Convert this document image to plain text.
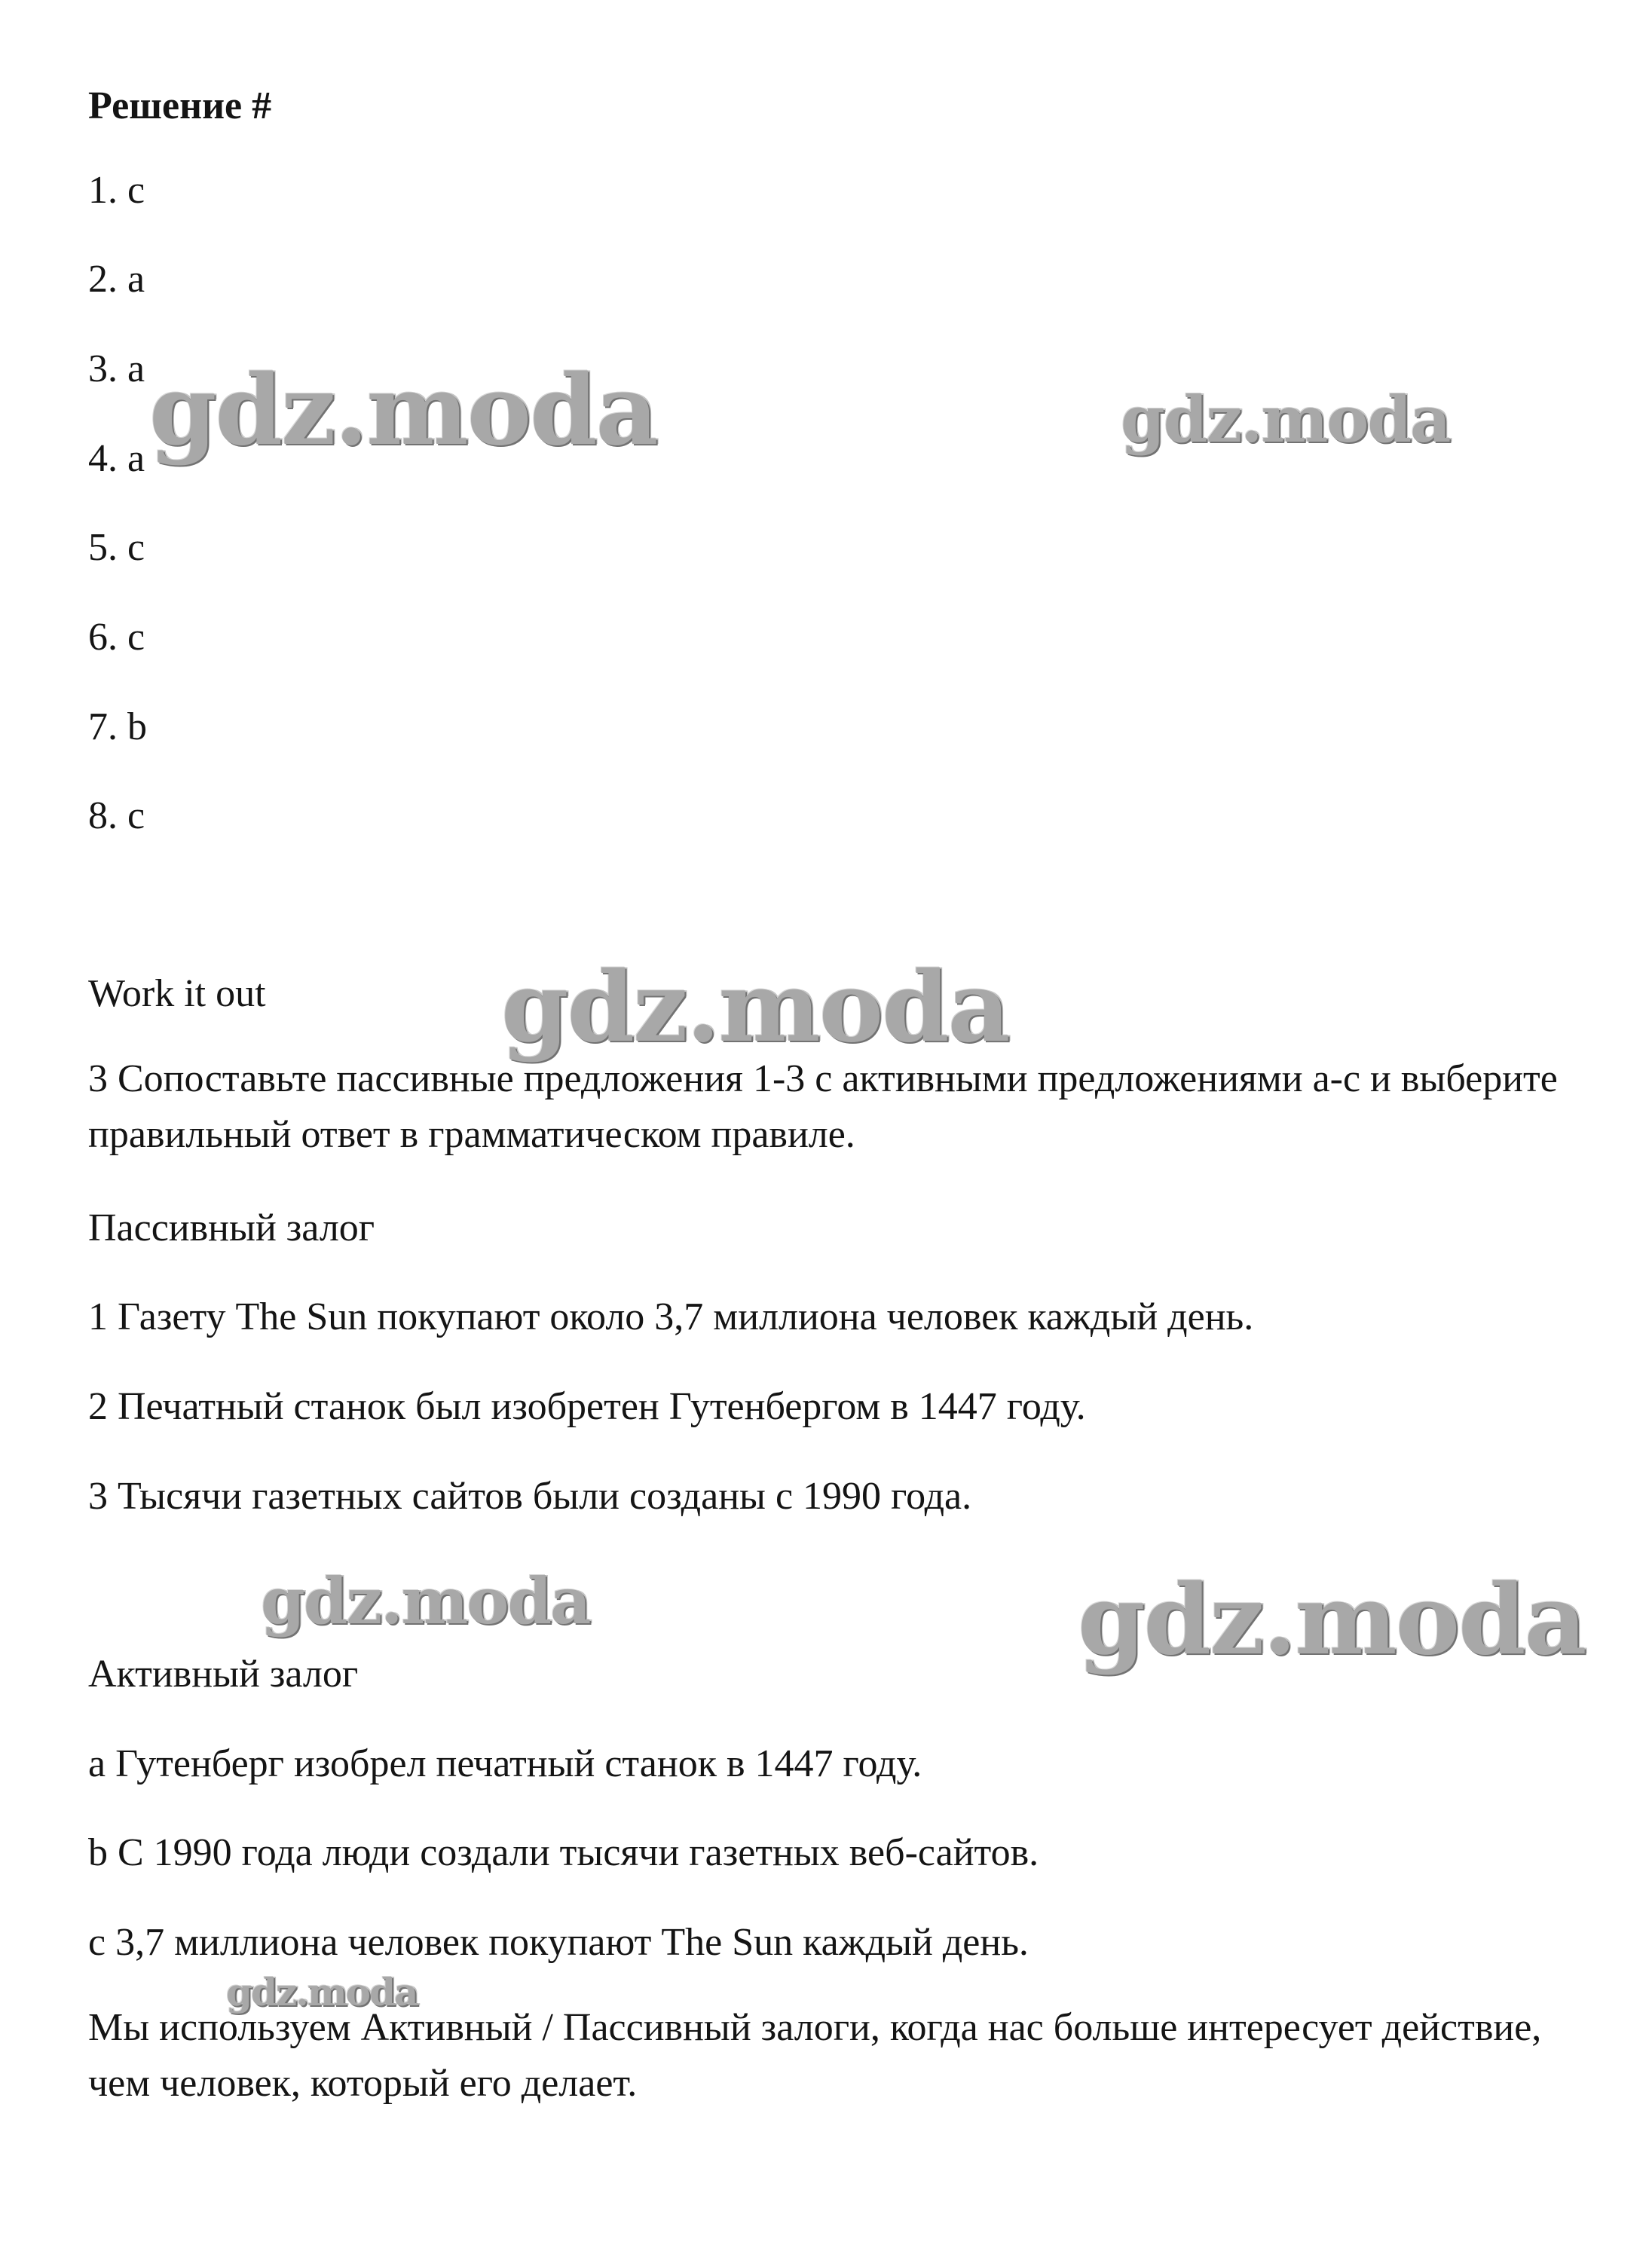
Решение #
1. c
2. a
3. a
4. a
5. c
6. c
7. b
8. c
Work it out
3 Сопоставьте пассивные предложения 1-3 с активными предложениями a-c и выберите правильный ответ в грамматическом правиле.
Пассивный залог
1 Газету The Sun покупают около 3,7 миллиона человек каждый день.
2 Печатный станок был изобретен Гутенбергом в 1447 году.
3 Тысячи газетных сайтов были созданы с 1990 года.
Активный залог
a Гутенберг изобрел печатный станок в 1447 году.
b С 1990 года люди создали тысячи газетных веб-сайтов.
c 3,7 миллиона человек покупают The Sun каждый день.
Мы используем Активный / Пассивный залоги, когда нас больше интересует действие, чем человек, который его делает.
gdz.moda	gdz.moda
gdz.moda
gdz.moda	gdz.moda
gdz.moda
